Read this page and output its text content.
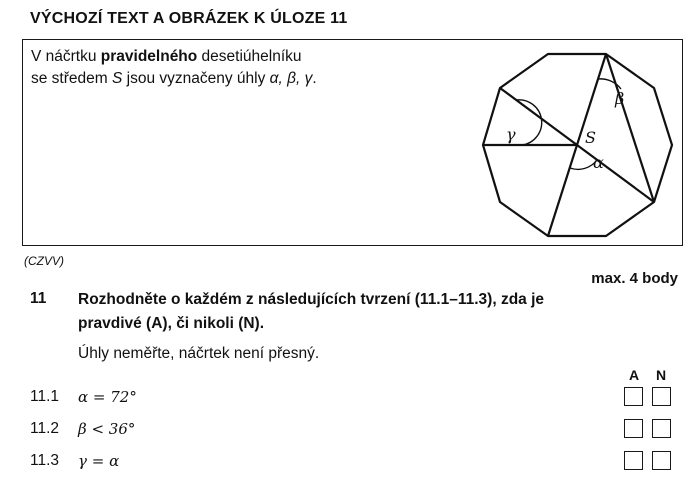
VÝCHOZÍ TEXT A OBRÁZEK K ÚLOZE 11
V náčrtku pravidelného desetiúhelníku
se středem S jsou vyznačeny úhly α, β, γ.
S
γ
β
α
(CZVV)
max. 4 body
11 Rozhodněte o každém z následujících tvrzení (11.1–11.3), zda je pravdivé (A), či nikoli (N).
Úhly neměřte, náčrtek není přesný.
A N
11.1 α = 72°
11.2 β < 36°
11.3 γ = α
